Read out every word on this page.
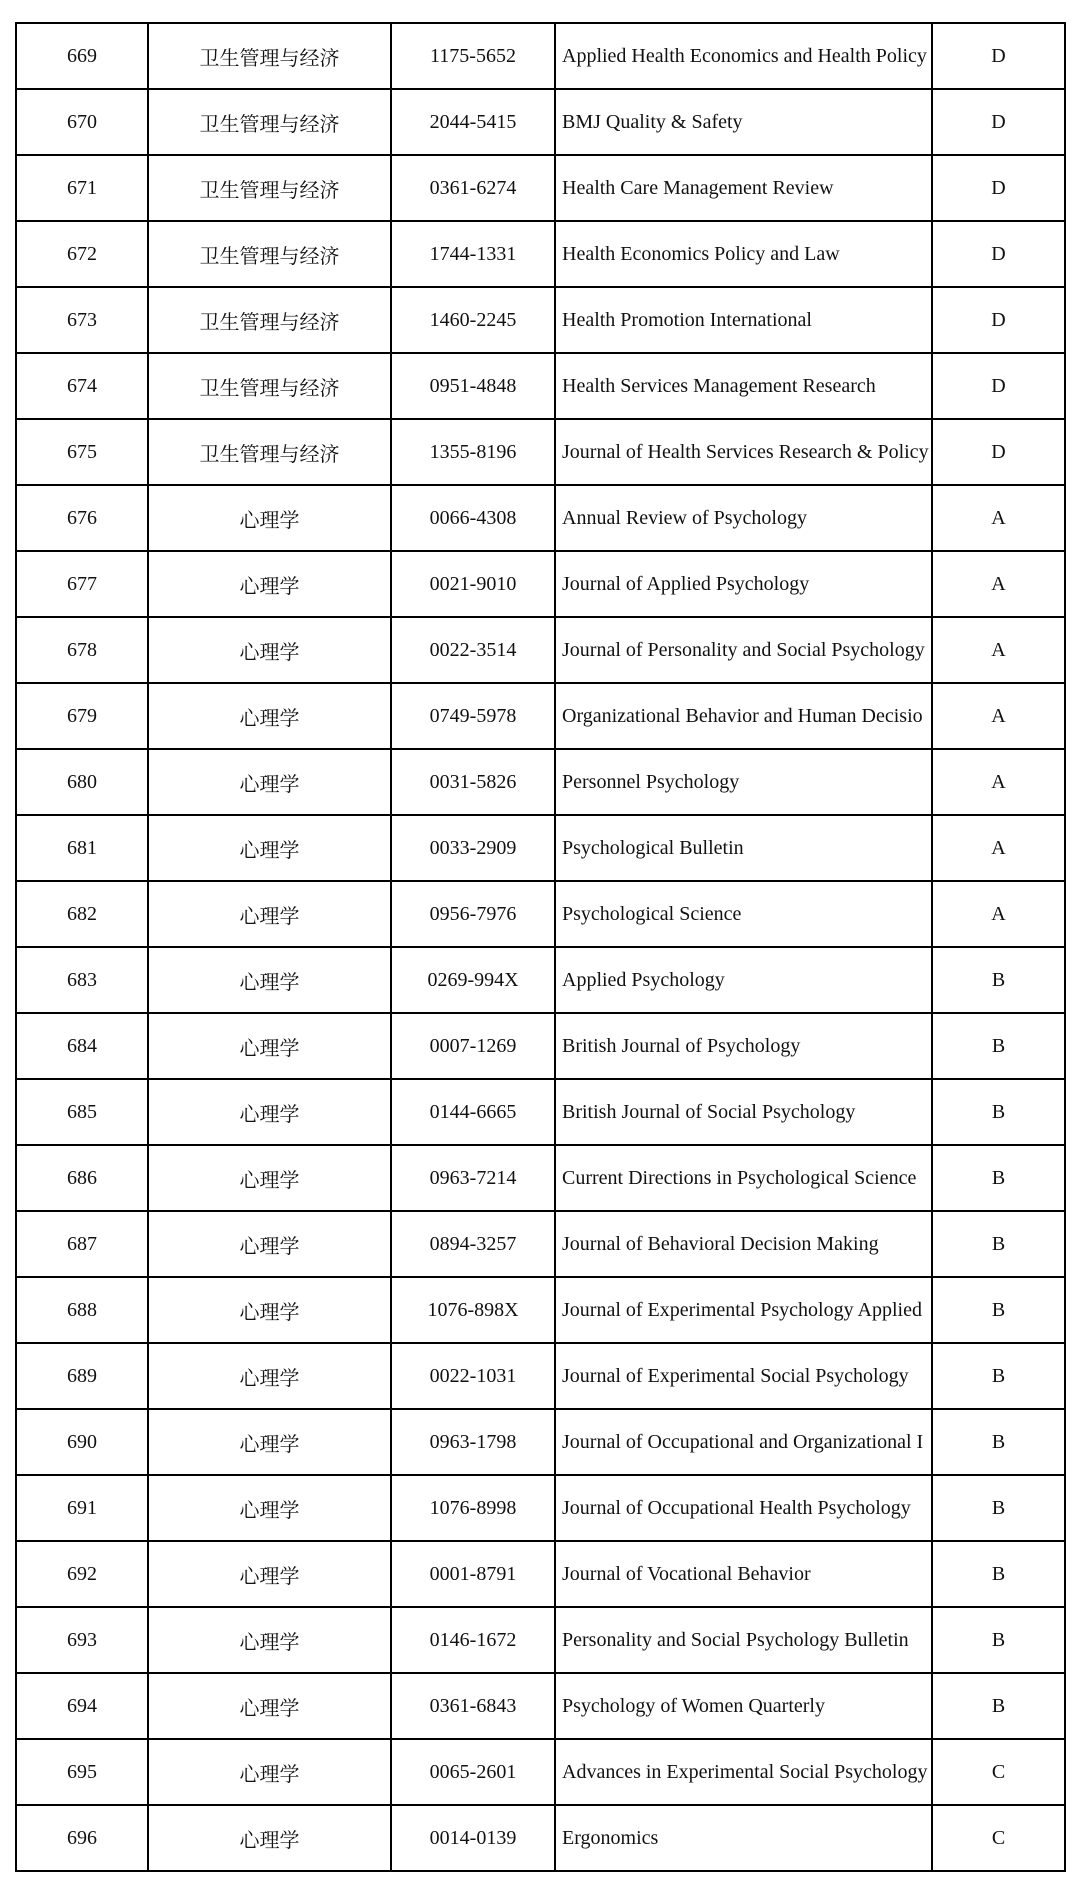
669	卫生管理与经济	1175-5652	Applied Health Economics and Health Policy	D
670	卫生管理与经济	2044-5415	BMJ Quality & Safety	D
671	卫生管理与经济	0361-6274	Health Care Management Review	D
672	卫生管理与经济	1744-1331	Health Economics Policy and Law	D
673	卫生管理与经济	1460-2245	Health Promotion International	D
674	卫生管理与经济	0951-4848	Health Services Management Research	D
675	卫生管理与经济	1355-8196	Journal of Health Services Research & Policy	D
676	心理学	0066-4308	Annual Review of Psychology	A
677	心理学	0021-9010	Journal of Applied Psychology	A
678	心理学	0022-3514	Journal of Personality and Social Psychology	A
679	心理学	0749-5978	Organizational Behavior and Human Decisio	A
680	心理学	0031-5826	Personnel Psychology	A
681	心理学	0033-2909	Psychological Bulletin	A
682	心理学	0956-7976	Psychological Science	A
683	心理学	0269-994X	Applied Psychology	B
684	心理学	0007-1269	British Journal of Psychology	B
685	心理学	0144-6665	British Journal of Social Psychology	B
686	心理学	0963-7214	Current Directions in Psychological Science	B
687	心理学	0894-3257	Journal of Behavioral Decision Making	B
688	心理学	1076-898X	Journal of Experimental Psychology Applied	B
689	心理学	0022-1031	Journal of Experimental Social Psychology	B
690	心理学	0963-1798	Journal of Occupational and Organizational I	B
691	心理学	1076-8998	Journal of Occupational Health Psychology	B
692	心理学	0001-8791	Journal of Vocational Behavior	B
693	心理学	0146-1672	Personality and Social Psychology Bulletin	B
694	心理学	0361-6843	Psychology of Women Quarterly	B
695	心理学	0065-2601	Advances in Experimental Social Psychology	C
696	心理学	0014-0139	Ergonomics	C
